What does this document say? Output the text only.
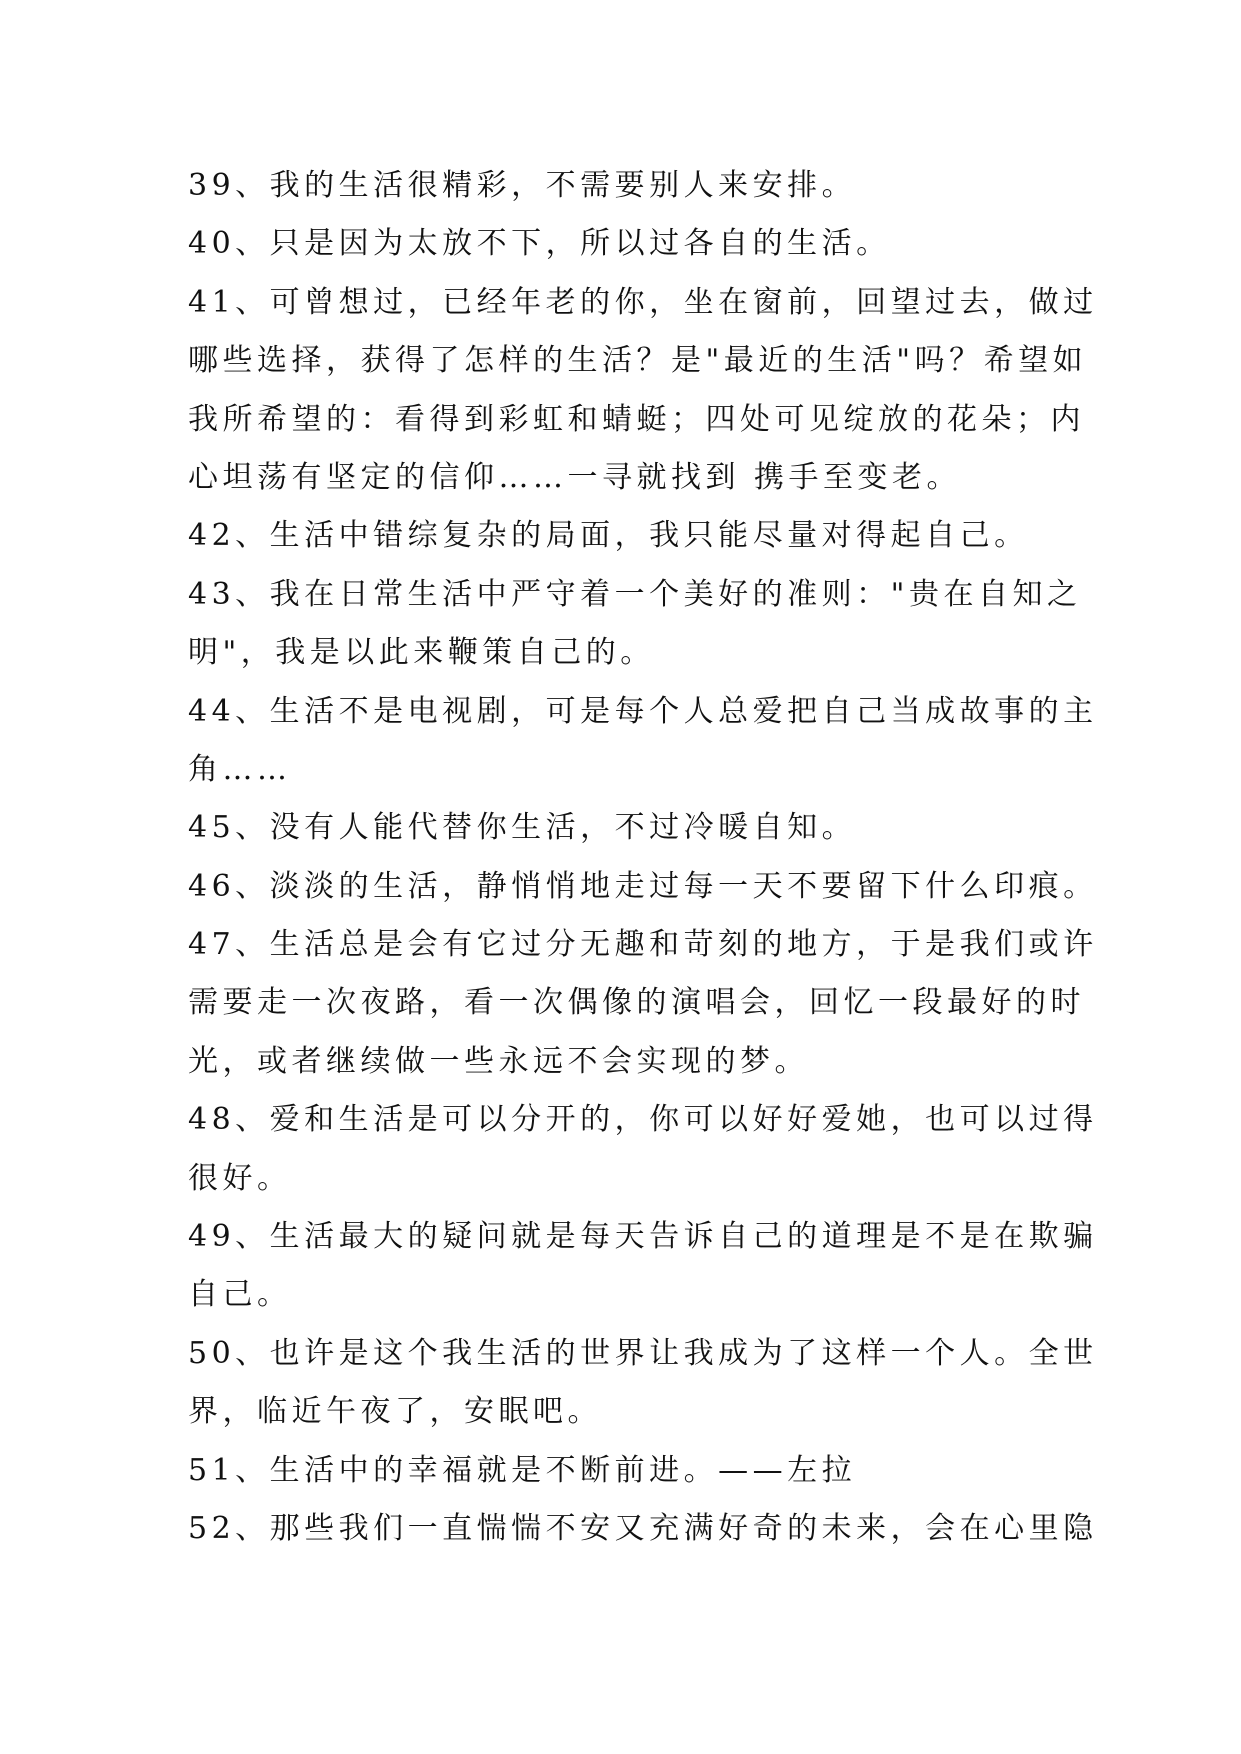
39、我的生活很精彩，不需要别人来安排。
40、只是因为太放不下，所以过各自的生活。
41、可曾想过，已经年老的你，坐在窗前，回望过去，做过
哪些选择，获得了怎样的生活？是"最近的生活"吗？希望如
我所希望的：看得到彩虹和蜻蜓；四处可见绽放的花朵；内
心坦荡有坚定的信仰……一寻就找到 携手至变老。
42、生活中错综复杂的局面，我只能尽量对得起自己。
43、我在日常生活中严守着一个美好的准则："贵在自知之
明"，我是以此来鞭策自己的。
44、生活不是电视剧，可是每个人总爱把自己当成故事的主
角……
45、没有人能代替你生活，不过冷暖自知。
46、淡淡的生活，静悄悄地走过每一天不要留下什么印痕。
47、生活总是会有它过分无趣和苛刻的地方，于是我们或许
需要走一次夜路，看一次偶像的演唱会，回忆一段最好的时
光，或者继续做一些永远不会实现的梦。
48、爱和生活是可以分开的，你可以好好爱她，也可以过得
很好。
49、生活最大的疑问就是每天告诉自己的道理是不是在欺骗
自己。
50、也许是这个我生活的世界让我成为了这样一个人。全世
界，临近午夜了，安眠吧。
51、生活中的幸福就是不断前进。——左拉
52、那些我们一直惴惴不安又充满好奇的未来，会在心里隐
